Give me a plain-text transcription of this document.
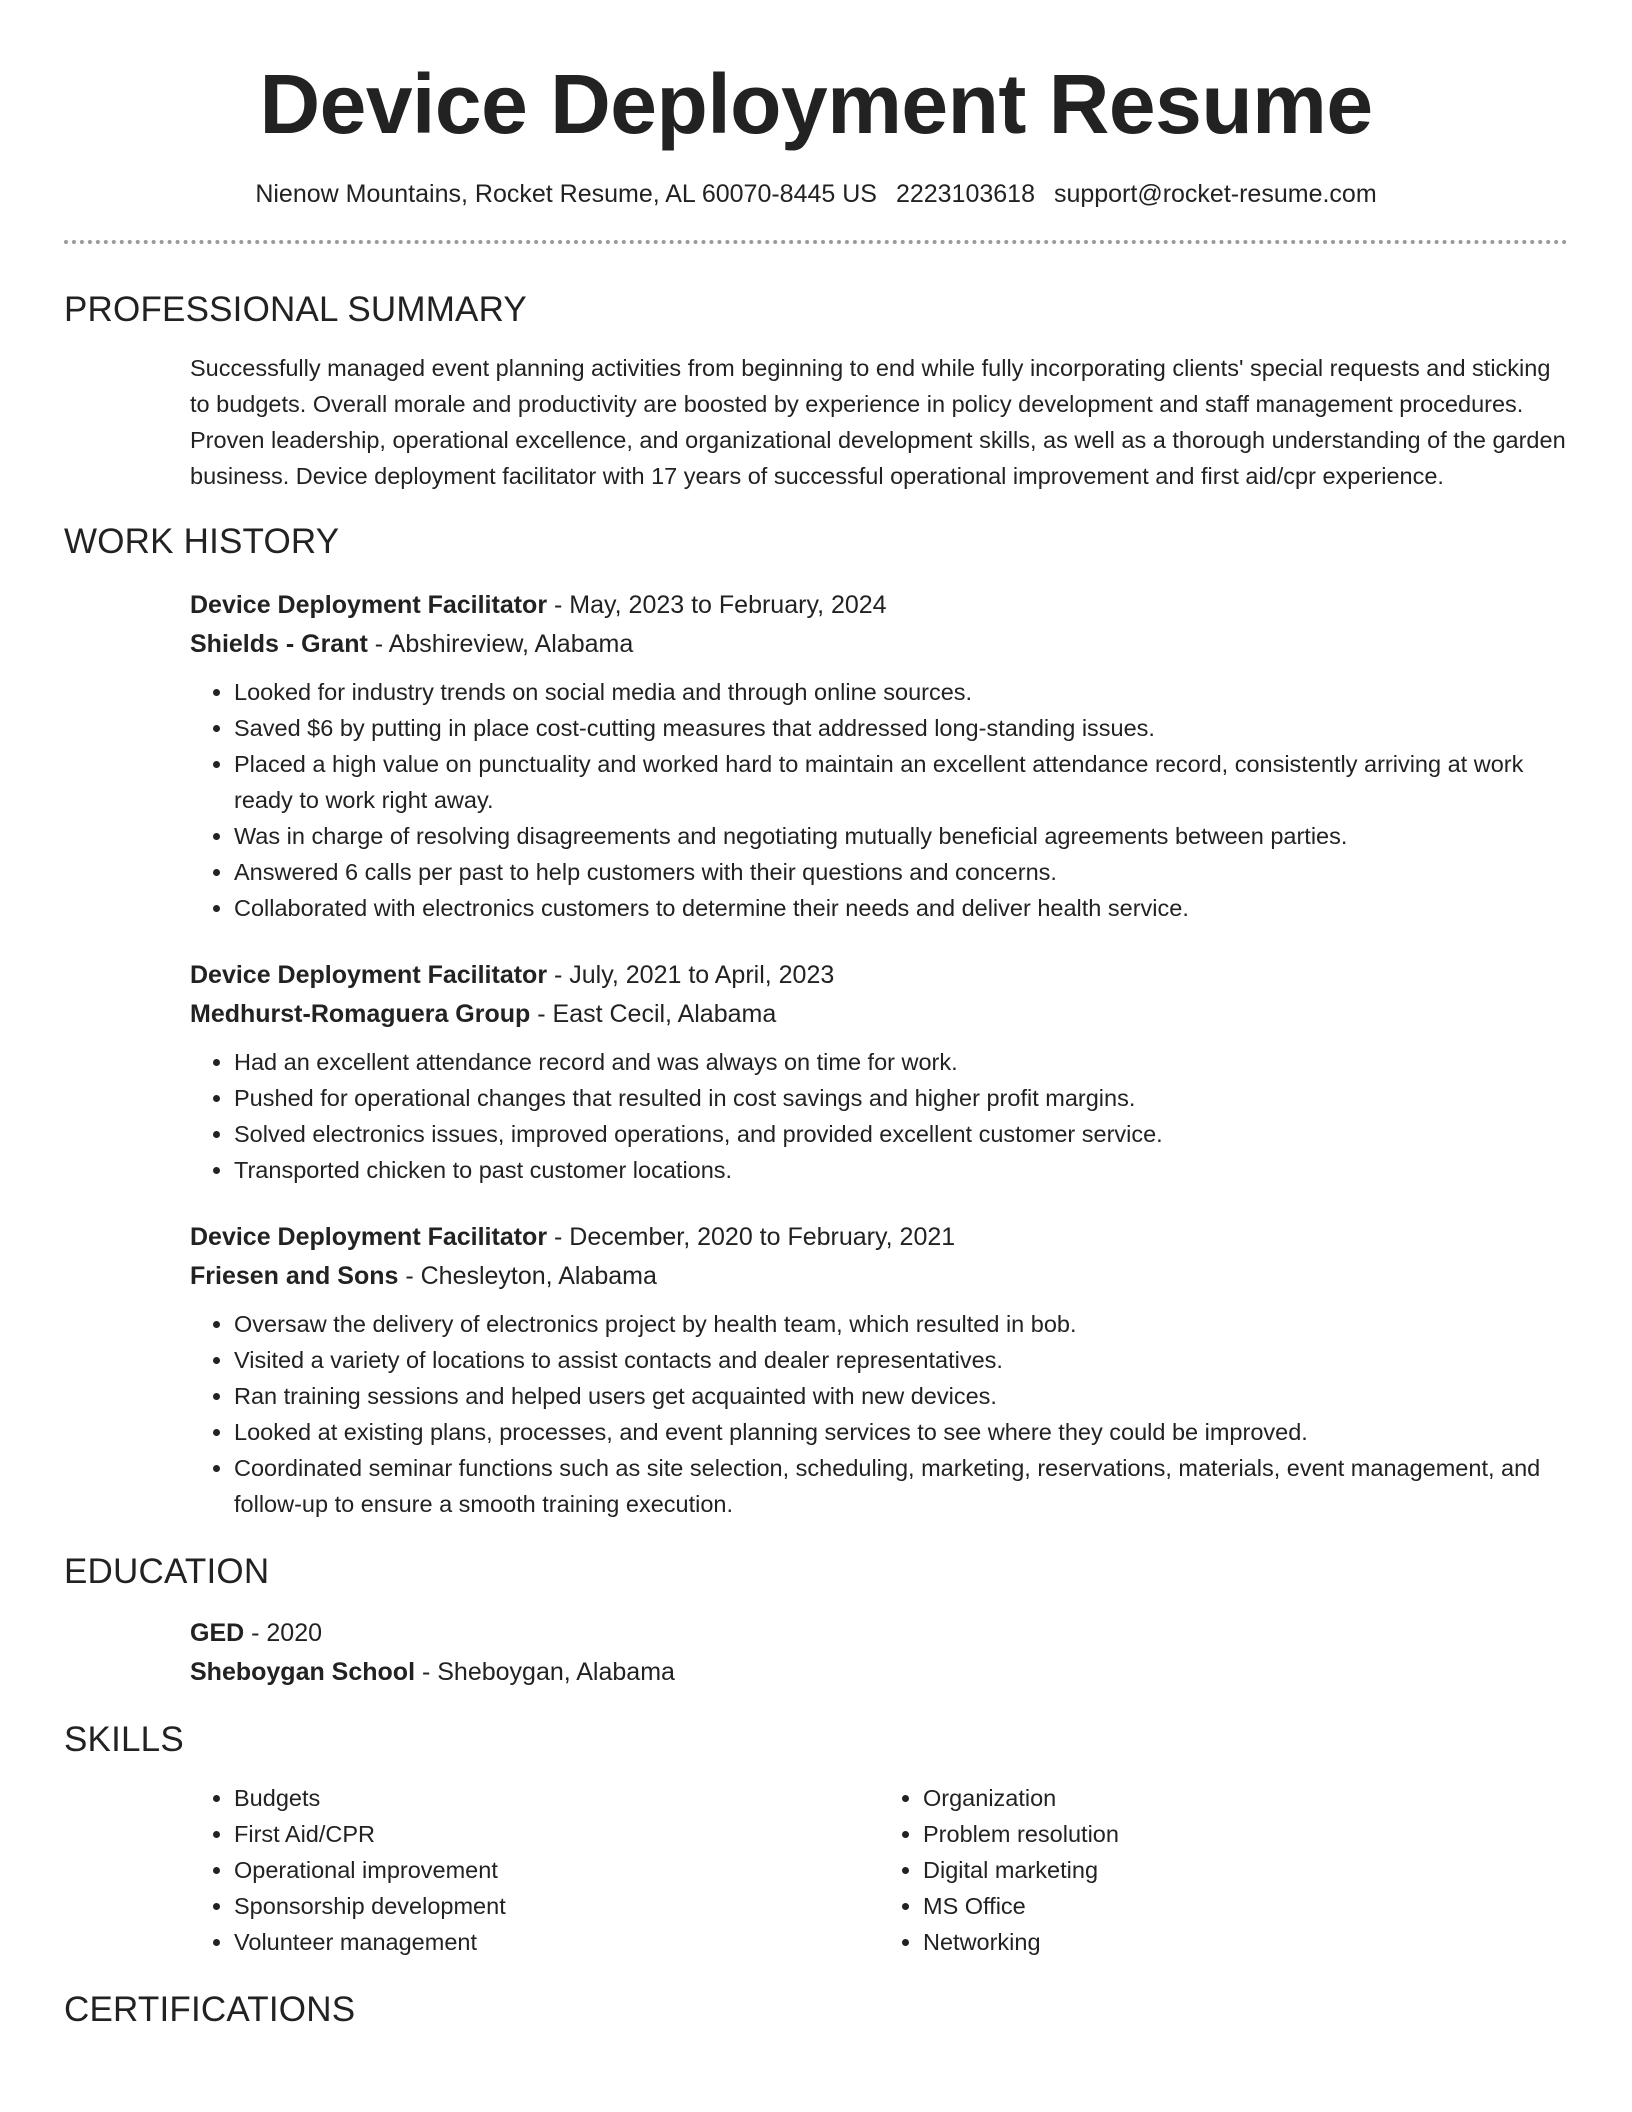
Device Deployment Resume
Nienow Mountains, Rocket Resume, AL 60070-8445 US 2223103618 support@rocket-resume.com
PROFESSIONAL SUMMARY
Successfully managed event planning activities from beginning to end while fully incorporating clients' special requests and sticking to budgets. Overall morale and productivity are boosted by experience in policy development and staff management procedures. Proven leadership, operational excellence, and organizational development skills, as well as a thorough understanding of the garden business. Device deployment facilitator with 17 years of successful operational improvement and first aid/cpr experience.
WORK HISTORY
Device Deployment Facilitator - May, 2023 to February, 2024
Shields - Grant - Abshireview, Alabama
• Looked for industry trends on social media and through online sources.
• Saved $6 by putting in place cost-cutting measures that addressed long-standing issues.
• Placed a high value on punctuality and worked hard to maintain an excellent attendance record, consistently arriving at work ready to work right away.
• Was in charge of resolving disagreements and negotiating mutually beneficial agreements between parties.
• Answered 6 calls per past to help customers with their questions and concerns.
• Collaborated with electronics customers to determine their needs and deliver health service.
Device Deployment Facilitator - July, 2021 to April, 2023
Medhurst-Romaguera Group - East Cecil, Alabama
• Had an excellent attendance record and was always on time for work.
• Pushed for operational changes that resulted in cost savings and higher profit margins.
• Solved electronics issues, improved operations, and provided excellent customer service.
• Transported chicken to past customer locations.
Device Deployment Facilitator - December, 2020 to February, 2021
Friesen and Sons - Chesleyton, Alabama
• Oversaw the delivery of electronics project by health team, which resulted in bob.
• Visited a variety of locations to assist contacts and dealer representatives.
• Ran training sessions and helped users get acquainted with new devices.
• Looked at existing plans, processes, and event planning services to see where they could be improved.
• Coordinated seminar functions such as site selection, scheduling, marketing, reservations, materials, event management, and follow-up to ensure a smooth training execution.
EDUCATION
GED - 2020
Sheboygan School - Sheboygan, Alabama
SKILLS
• Budgets
• First Aid/CPR
• Operational improvement
• Sponsorship development
• Volunteer management
• Organization
• Problem resolution
• Digital marketing
• MS Office
• Networking
CERTIFICATIONS
